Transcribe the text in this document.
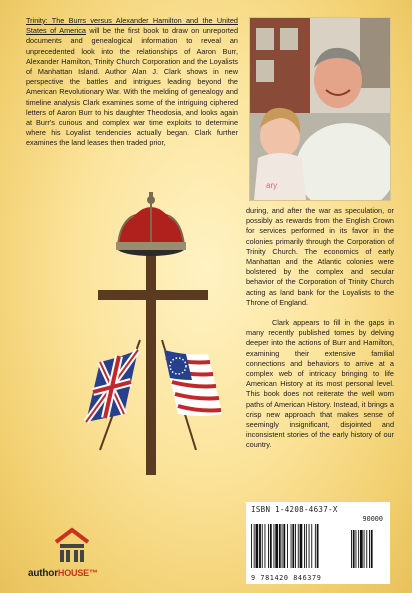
Trinity: The Burrs versus Alexander Hamilton and the United States of America will be the first book to draw on unreported documents and genealogical information to reveal an unprecedented look into the relationships of Aaron Burr, Alexander Hamilton, Trinity Church Corporation and the Loyalists of Manhattan Island. Author Alan J. Clark shows in new perspective the battles and intrigues leading beyond the American Revolutionary War. With the melding of genealogy and timeline analysis Clark examines some of the intriguing ciphered letters of Aaron Burr to his daughter Theodosia, and looks again at Burr's curious and complex war time exploits to determine where his Loyalist tendencies actually began. Clark further examines the land leases then traded prior,

ary

during, and after the war as speculation, or possibly as rewards from the English Crown for services performed in its favor in the colonies primarily through the Corporation of Trinity Church. The economics of early Manhattan and the Atlantic colonies were bolstered by the complex and secular behavior of the Corporation of Trinity Church acting as land bank for the Loyalists to the Throne of England.

Clark appears to fill in the gaps in many recently published tomes by delving deeper into the actions of Burr and Hamilton, examining their extensive familial connections and behaviors to arrive at a complex web of intricacy bringing to life American History at its most personal level. This book does not reiterate the well worn paths of American History. Instead, it brings a crisp new approach that makes sense of seemingly insignificant, disjointed and inconsistent stories of the early history of our country.

authorHOUSE™
ISBN 1-4208-4637-X
90000
9 781420 846379
